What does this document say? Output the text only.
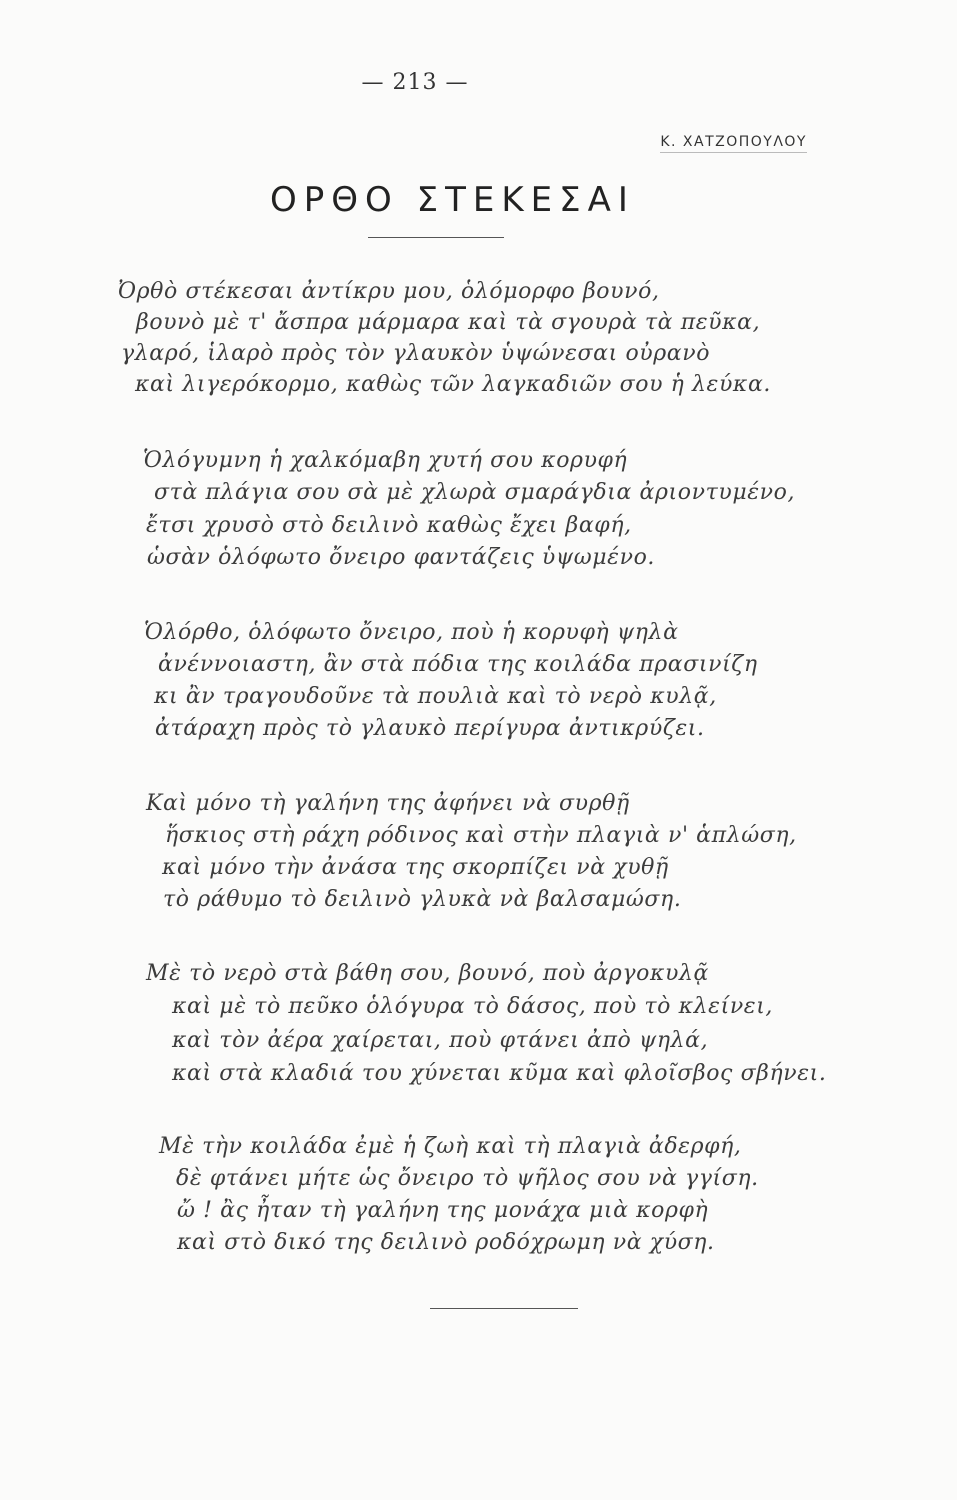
— 213 —
Κ. ΧΑΤΖΟΠΟΥΛΟΥ
ΟΡΘΟ ΣΤΕΚΕΣΑΙ
Ὀρθὸ στέκεσαι ἀντίκρυ μου, ὁλόμορφο βουνό,
βουνὸ μὲ τ' ἄσπρα μάρμαρα καὶ τὰ σγουρὰ τὰ πεῦκα,
γλαρό, ἱλαρὸ πρὸς τὸν γλαυκὸν ὑψώνεσαι οὐρανὸ
καὶ λιγερόκορμο, καθὼς τῶν λαγκαδιῶν σου ἡ λεύκα.
Ὁλόγυμνη ἡ χαλκόμαβη χυτή σου κορυφή
στὰ πλάγια σου σὰ μὲ χλωρὰ σμαράγδια ἀριοντυμένο,
ἔτσι χρυσὸ στὸ δειλινὸ καθὼς ἔχει βαφή,
ὡσὰν ὁλόφωτο ὄνειρο φαντάζεις ὑψωμένο.
Ὁλόρθο, ὁλόφωτο ὄνειρο, ποὺ ἡ κορυφὴ ψηλὰ
ἀνέννοιαστη, ἂν στὰ πόδια της κοιλάδα πρασινίζη
κι ἂν τραγουδοῦνε τὰ πουλιὰ καὶ τὸ νερὸ κυλᾷ,
ἀτάραχη πρὸς τὸ γλαυκὸ περίγυρα ἀντικρύζει.
Καὶ μόνο τὴ γαλήνη της ἀφήνει νὰ συρθῇ
ἥσκιος στὴ ράχη ρόδινος καὶ στὴν πλαγιὰ ν' ἁπλώση,
καὶ μόνο τὴν ἀνάσα της σκορπίζει νὰ χυθῇ
τὸ ράθυμο τὸ δειλινὸ γλυκὰ νὰ βαλσαμώση.
Μὲ τὸ νερὸ στὰ βάθη σου, βουνό, ποὺ ἀργοκυλᾷ
καὶ μὲ τὸ πεῦκο ὁλόγυρα τὸ δάσος, ποὺ τὸ κλείνει,
καὶ τὸν ἀέρα χαίρεται, ποὺ φτάνει ἀπὸ ψηλά,
καὶ στὰ κλαδιά του χύνεται κῦμα καὶ φλοῖσβος σβήνει.
Μὲ τὴν κοιλάδα ἐμὲ ἡ ζωὴ καὶ τὴ πλαγιὰ ἀδερφή,
δὲ φτάνει μήτε ὡς ὄνειρο τὸ ψῆλος σου νὰ γγίση.
ὤ ! ἂς ἦταν τὴ γαλήνη της μονάχα μιὰ κορφὴ
καὶ στὸ δικό της δειλινὸ ροδόχρωμη νὰ χύση.
